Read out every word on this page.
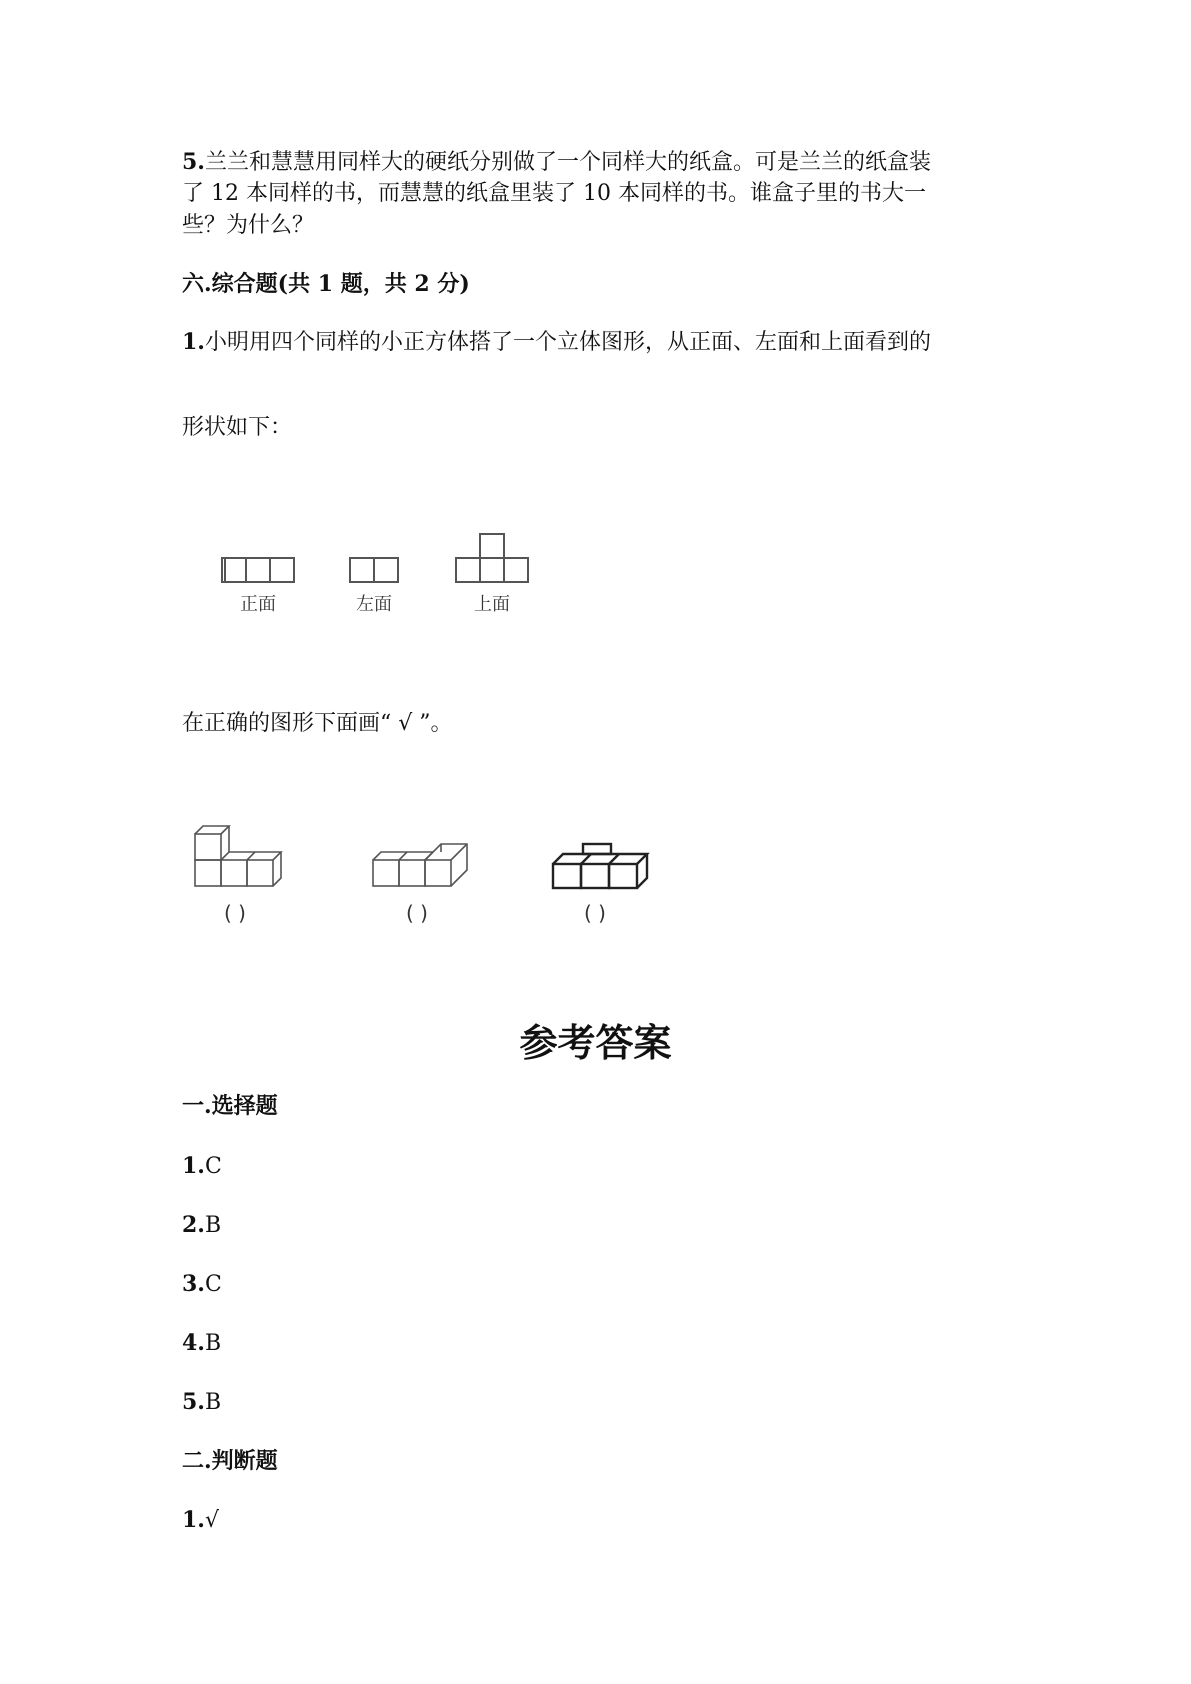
5.兰兰和慧慧用同样大的硬纸分别做了一个同样大的纸盒。可是兰兰的纸盒装
了 12 本同样的书，而慧慧的纸盒里装了 10 本同样的书。谁盒子里的书大一
些？为什么？
六.综合题(共 1 题，共 2 分)
1.小明用四个同样的小正方体搭了一个立体图形，从正面、左面和上面看到的
形状如下：
正面	左面	上面
在正确的图形下面画“ √ ”。
( )	( )	( )
参考答案
一.选择题
1.C
2.B
3.C
4.B
5.B
二.判断题
1.√
